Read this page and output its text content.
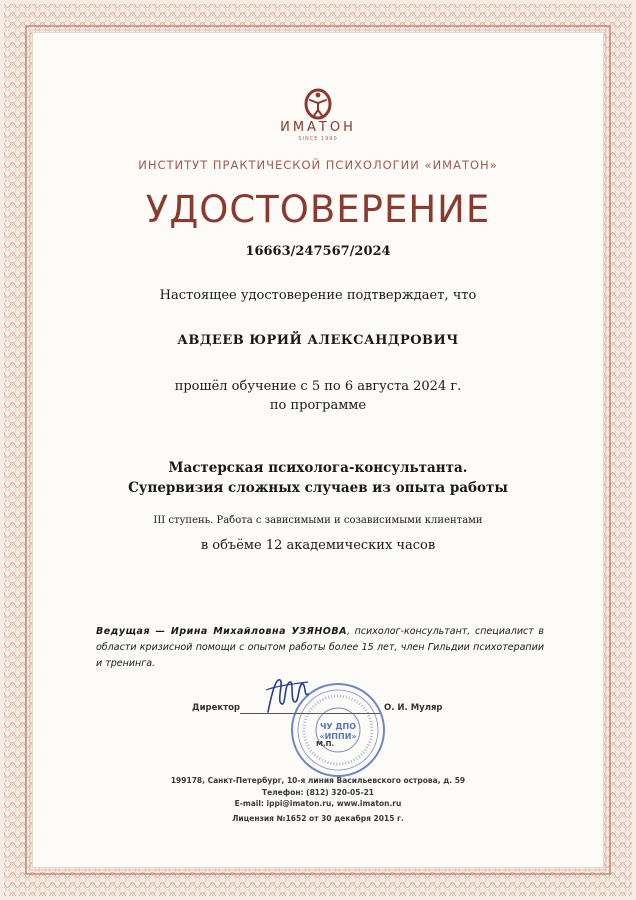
ИМАТОН
SINCE 1990
ИНСТИТУТ ПРАКТИЧЕСКОЙ ПСИХОЛОГИИ «ИМАТОН»
УДОСТОВЕРЕНИЕ
16663/247567/2024
Настоящее удостоверение подтверждает, что
АВДЕЕВ ЮРИЙ АЛЕКСАНДРОВИЧ
прошёл обучение с 5 по 6 августа 2024 г.
по программе
Мастерская психолога-консультанта.
Супервизия сложных случаев из опыта работы
III ступень. Работа с зависимыми и созависимыми клиентами
в объёме 12 академических часов
Ведущая — Ирина Михайловна УЗЯНОВА, психолог-консультант, специалист в области кризисной помощи с опытом работы более 15 лет, член Гильдии психотерапии и тренинга.
Директор	О. И. Муляр
ЧУ ДПО
«ИППИ»
М.П.
199178, Санкт-Петербург, 10-я линия Васильевского острова, д. 59
Телефон: (812) 320-05-21
E-mail: ippi@imaton.ru, www.imaton.ru
Лицензия №1652 от 30 декабря 2015 г.
